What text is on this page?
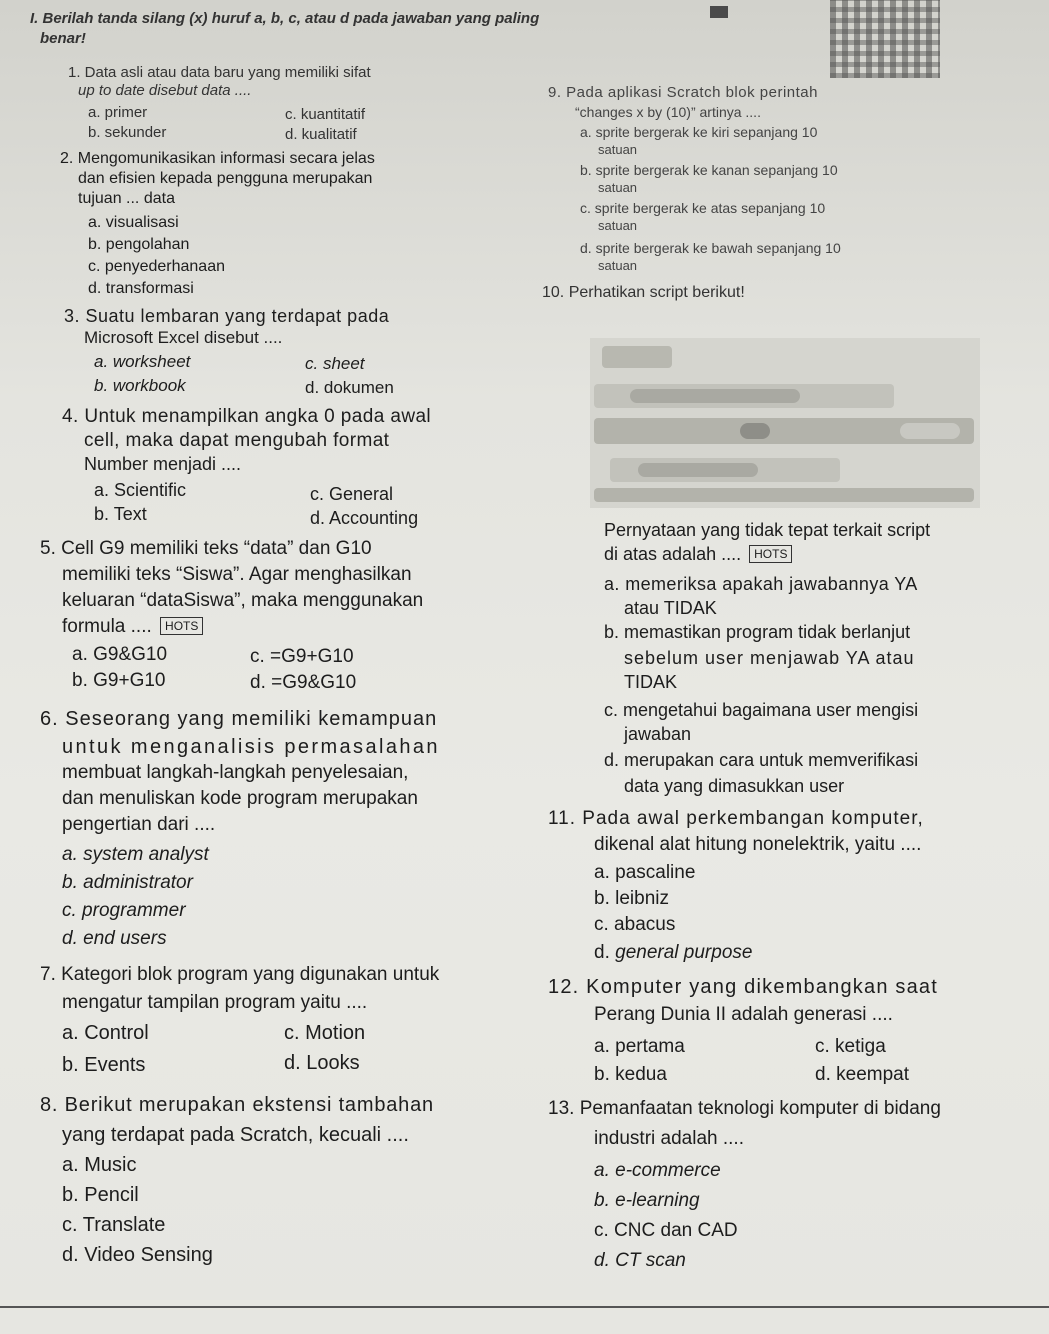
I. Berilah tanda silang (x) huruf a, b, c, atau d pada jawaban yang paling
benar!
1. Data asli atau data baru yang memiliki sifat
up to date disebut data ....
a. primer	c. kuantitatif
b. sekunder	d. kualitatif
2. Mengomunikasikan informasi secara jelas
dan efisien kepada pengguna merupakan
tujuan ... data
a. visualisasi
b. pengolahan
c. penyederhanaan
d. transformasi
3. Suatu lembaran yang terdapat pada
Microsoft Excel disebut ....
a. worksheet	c. sheet
b. workbook	d. dokumen
4. Untuk menampilkan angka 0 pada awal
cell, maka dapat mengubah format
Number menjadi ....
a. Scientific	c. General
b. Text	d. Accounting
5. Cell G9 memiliki teks “data” dan G10
memiliki teks “Siswa”. Agar menghasilkan
keluaran “dataSiswa”, maka menggunakan
formula .... HOTS
a. G9&G10	c. =G9+G10
b. G9+G10	d. =G9&G10
6. Seseorang yang memiliki kemampuan
untuk menganalisis permasalahan
membuat langkah-langkah penyelesaian,
dan menuliskan kode program merupakan
pengertian dari ....
a. system analyst
b. administrator
c. programmer
d. end users
7. Kategori blok program yang digunakan untuk
mengatur tampilan program yaitu ....
a. Control	c. Motion
b. Events	d. Looks
8. Berikut merupakan ekstensi tambahan
yang terdapat pada Scratch, kecuali ....
a. Music
b. Pencil
c. Translate
d. Video Sensing
9. Pada aplikasi Scratch blok perintah
“changes x by (10)” artinya ....
a. sprite bergerak ke kiri sepanjang 10
satuan
b. sprite bergerak ke kanan sepanjang 10
satuan
c. sprite bergerak ke atas sepanjang 10
satuan
d. sprite bergerak ke bawah sepanjang 10
satuan
10. Perhatikan script berikut!
Pernyataan yang tidak tepat terkait script
di atas adalah .... HOTS
a. memeriksa apakah jawabannya YA
atau TIDAK
b. memastikan program tidak berlanjut
sebelum user menjawab YA atau
TIDAK
c. mengetahui bagaimana user mengisi
jawaban
d. merupakan cara untuk memverifikasi
data yang dimasukkan user
11. Pada awal perkembangan komputer,
dikenal alat hitung nonelektrik, yaitu ....
a. pascaline
b. leibniz
c. abacus
d. general purpose
12. Komputer yang dikembangkan saat
Perang Dunia II adalah generasi ....
a. pertama	c. ketiga
b. kedua	d. keempat
13. Pemanfaatan teknologi komputer di bidang
industri adalah ....
a. e-commerce
b. e-learning
c. CNC dan CAD
d. CT scan
